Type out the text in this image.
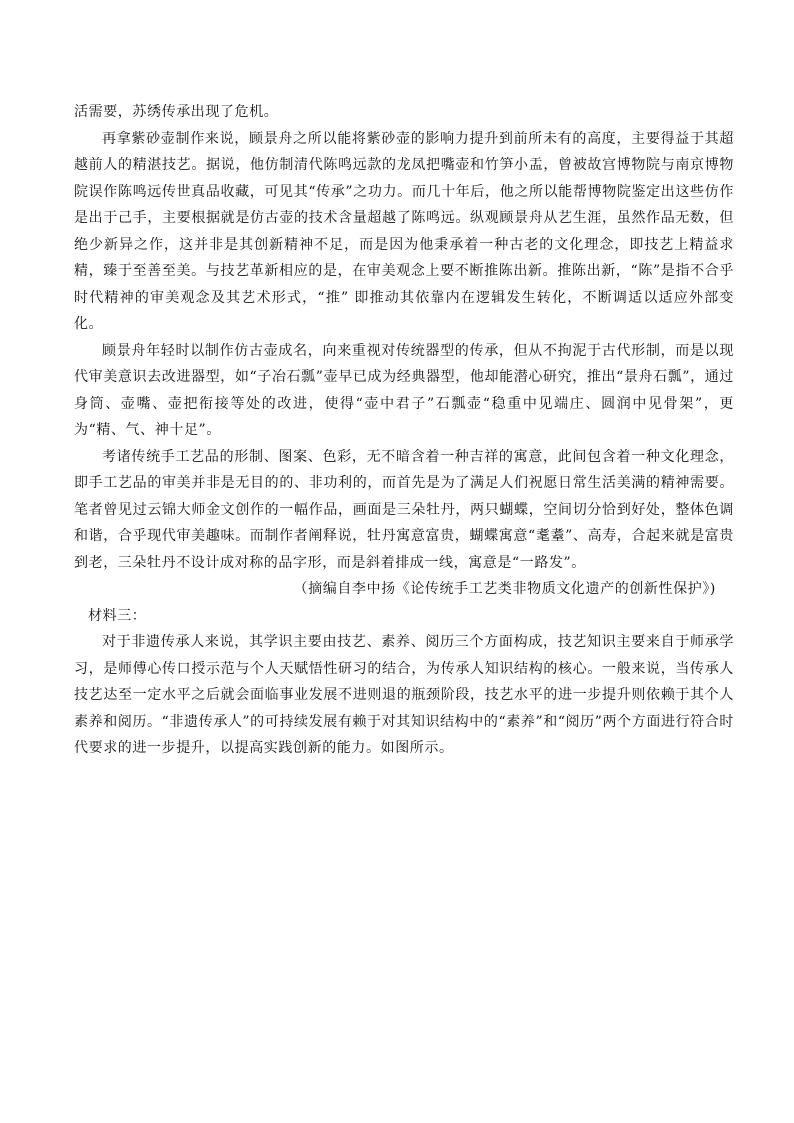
活需要，苏绣传承出现了危机。

再拿紫砂壶制作来说，顾景舟之所以能将紫砂壶的影响力提升到前所未有的高度，主要得益于其超越前人的精湛技艺。据说，他仿制清代陈鸣远款的龙凤把嘴壶和竹笋小盂，曾被故宫博物院与南京博物院误作陈鸣远传世真品收藏，可见其“传承”之功力。而几十年后，他之所以能帮博物院鉴定出这些仿作是出于己手，主要根据就是仿古壶的技术含量超越了陈鸣远。纵观顾景舟从艺生涯，虽然作品无数，但绝少新异之作，这并非是其创新精神不足，而是因为他秉承着一种古老的文化理念，即技艺上精益求精，臻于至善至美。与技艺革新相应的是，在审美观念上要不断推陈出新。推陈出新，“陈”是指不合乎时代精神的审美观念及其艺术形式，“推” 即推动其依靠内在逻辑发生转化，不断调适以适应外部变化。

顾景舟年轻时以制作仿古壶成名，向来重视对传统器型的传承，但从不拘泥于古代形制，而是以现代审美意识去改进器型，如“子冶石瓢”壶早已成为经典器型，他却能潜心研究，推出“景舟石瓢”，通过身筒、壶嘴、壶把衔接等处的改进，使得“壶中君子”石瓢壶“稳重中见端庄、圆润中见骨架”，更为“精、气、神十足”。

考诸传统手工艺品的形制、图案、色彩，无不暗含着一种吉祥的寓意，此间包含着一种文化理念，即手工艺品的审美并非是无目的的、非功利的，而首先是为了满足人们祝愿日常生活美满的精神需要。笔者曾见过云锦大师金文创作的一幅作品，画面是三朵牡丹，两只蝴蝶，空间切分恰到好处，整体色调和谐，合乎现代审美趣味。而制作者阐释说，牡丹寓意富贵，蝴蝶寓意“耄耋”、高寿，合起来就是富贵到老，三朵牡丹不设计成对称的品字形，而是斜着排成一线，寓意是“一路发”。

（摘编自李中扬《论传统手工艺类非物质文化遗产的创新性保护》)

材料三：

对于非遗传承人来说，其学识主要由技艺、素养、阅历三个方面构成，技艺知识主要来自于师承学习，是师傅心传口授示范与个人天赋悟性研习的结合，为传承人知识结构的核心。一般来说，当传承人技艺达至一定水平之后就会面临事业发展不进则退的瓶颈阶段，技艺水平的进一步提升则依赖于其个人素养和阅历。“非遗传承人”的可持续发展有赖于对其知识结构中的“素养”和“阅历”两个方面进行符合时代要求的进一步提升，以提高实践创新的能力。如图所示。
